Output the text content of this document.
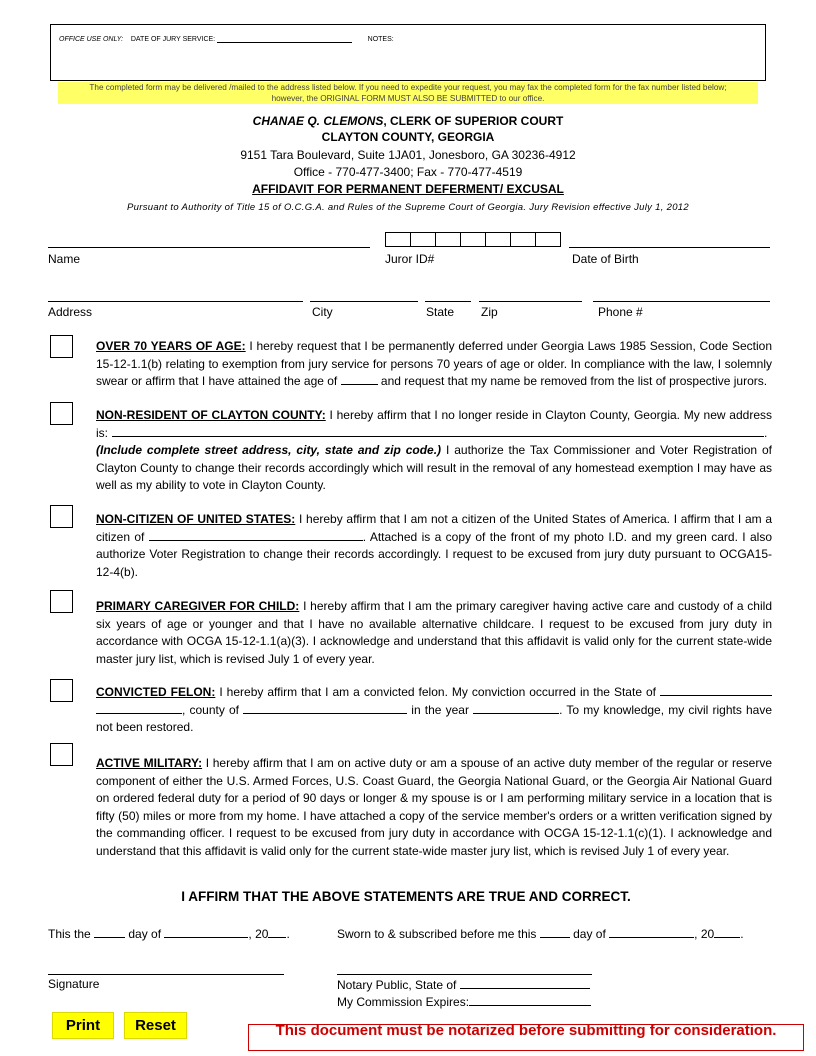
OFFICE USE ONLY: DATE OF JURY SERVICE:	NOTES:
The completed form may be delivered /mailed to the address listed below. If you need to expedite your request, you may fax the completed form for the fax number listed below;
however, the ORIGINAL FORM MUST ALSO BE SUBMITTED to our office.
CHANAE Q. CLEMONS, CLERK OF SUPERIOR COURT
CLAYTON COUNTY, GEORGIA
9151 Tara Boulevard, Suite 1JA01, Jonesboro, GA 30236-4912
Office - 770-477-3400; Fax - 770-477-4519
AFFIDAVIT FOR PERMANENT DEFERMENT/ EXCUSAL
Pursuant to Authority of Title 15 of O.C.G.A. and Rules of the Supreme Court of Georgia. Jury Revision effective July 1, 2012
Name	Juror ID#	Date of Birth
Address	City	State Zip	Phone #
OVER 70 YEARS OF AGE: I hereby request that I be permanently deferred under Georgia Laws 1985 Session, Code Section 15-12-1.1(b) relating to exemption from jury service for persons 70 years of age or older. In compliance with the law, I solemnly swear or affirm that I have attained the age of	and request that my name be removed from the list of prospective jurors.
NON-RESIDENT OF CLAYTON COUNTY: I hereby affirm that I no longer reside in Clayton County, Georgia. My new address is:	. (Include complete street address, city, state and zip code.) I authorize the Tax Commissioner and Voter Registration of Clayton County to change their records accordingly which will result in the removal of any homestead exemption I may have as well as my ability to vote in Clayton County.
NON-CITIZEN OF UNITED STATES: I hereby affirm that I am not a citizen of the United States of America. I affirm that I am a citizen of	. Attached is a copy of the front of my photo I.D. and my green card. I also authorize Voter Registration to change their records accordingly. I request to be excused from jury duty pursuant to OCGA15-12-4(b).
PRIMARY CAREGIVER FOR CHILD: I hereby affirm that I am the primary caregiver having active care and custody of a child six years of age or younger and that I have no available alternative childcare. I request to be excused from jury duty in accordance with OCGA 15-12-1.1(a)(3). I acknowledge and understand that this affidavit is valid only for the current state-wide master jury list, which is revised July 1 of every year.
CONVICTED FELON: I hereby affirm that I am a convicted felon. My conviction occurred in the State of  , county of	in the year	. To my knowledge, my civil rights have not been restored.
ACTIVE MILITARY: I hereby affirm that I am on active duty or am a spouse of an active duty member of the regular or reserve component of either the U.S. Armed Forces, U.S. Coast Guard, the Georgia National Guard, or the Georgia Air National Guard on ordered federal duty for a period of 90 days or longer & my spouse is or I am performing military service in a location that is fifty (50) miles or more from my home. I have attached a copy of the service member's orders or a written verification signed by the commanding officer. I request to be excused from jury duty in accordance with OCGA 15-12-1.1(c)(1). I acknowledge and understand that this affidavit is valid only for the current state-wide master jury list, which is revised July 1 of every year.
I AFFIRM THAT THE ABOVE STATEMENTS ARE TRUE AND CORRECT.
This the	day of	, 20 .	Sworn to & subscribed before me this	day of	, 20 .
Signature	Notary Public, State of
My Commission Expires:
Print	Reset	This document must be notarized before submitting for consideration.
